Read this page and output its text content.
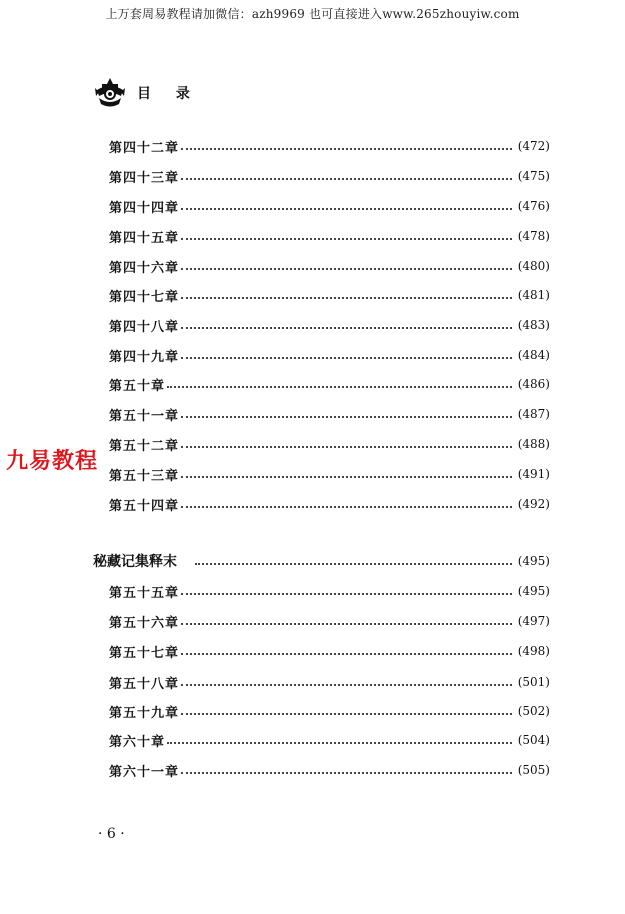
上万套周易教程请加微信：azh9969 也可直接进入www.265zhouyiw.com
目 录
第四十二章	(472)
第四十三章	(475)
第四十四章	(476)
第四十五章	(478)
第四十六章	(480)
第四十七章	(481)
第四十八章	(483)
第四十九章	(484)
第五十章	(486)
第五十一章	(487)
第五十二章	(488)
第五十三章	(491)
第五十四章	(492)
秘藏记集释末	(495)
第五十五章	(495)
第五十六章	(497)
第五十七章	(498)
第五十八章	(501)
第五十九章	(502)
第六十章	(504)
第六十一章	(505)
九易教程
· 6 ·
